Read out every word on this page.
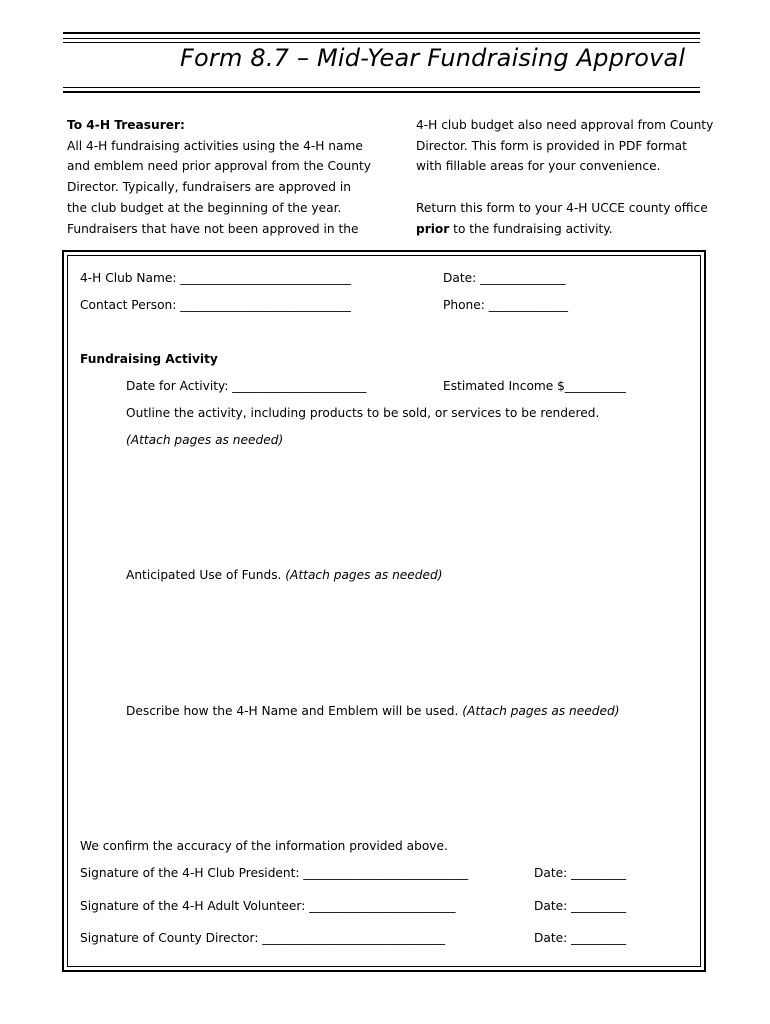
Form 8.7 – Mid-Year Fundraising Approval
To 4-H Treasurer:
All 4-H fundraising activities using the 4-H name
and emblem need prior approval from the County
Director. Typically, fundraisers are approved in
the club budget at the beginning of the year.
Fundraisers that have not been approved in the
4-H club budget also need approval from County
Director. This form is provided in PDF format
with fillable areas for your convenience.
Return this form to your 4-H UCCE county office
prior to the fundraising activity.
4-H Club Name: ____________________________	Date: ______________
Contact Person: ____________________________	Phone: _____________
Fundraising Activity
Date for Activity: ______________________	Estimated Income $__________
Outline the activity, including products to be sold, or services to be rendered.
(Attach pages as needed)
Anticipated Use of Funds. (Attach pages as needed)
Describe how the 4-H Name and Emblem will be used. (Attach pages as needed)
We confirm the accuracy of the information provided above.
Signature of the 4-H Club President: ___________________________	Date: _________
Signature of the 4-H Adult Volunteer: ________________________	Date: _________
Signature of County Director: ______________________________	Date: _________
